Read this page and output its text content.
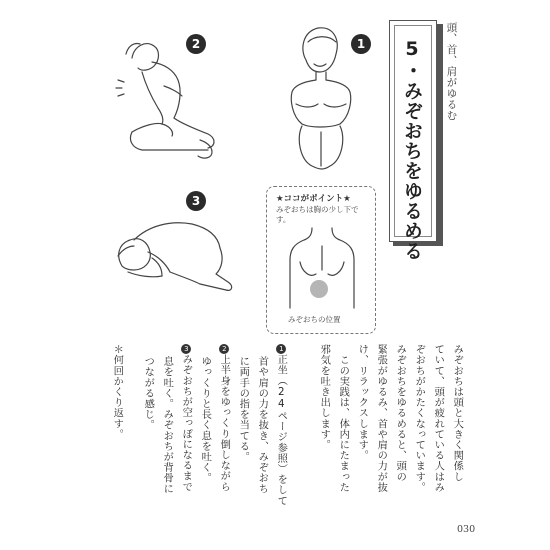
頭、首、肩がゆるむ
5・みぞおちをゆるめる
1
2
3	★ココがポイント★
みぞおちは胸の少し下です。
みぞおちの位置
みぞおちは頭と大きく関係し
ていて、頭が疲れている人はみ
ぞおちがかたくなっています。
みぞおちをゆるめると、頭の
緊張がゆるみ、首や肩の力が抜
け、リラックスします。
　この実践は、体内にたまった
邪気を吐き出します。
1正坐（24ページ参照）をして
首や肩の力を抜き、みぞおち
に両手の指を当てる。
2上半身をゆっくり倒しながら
ゆっくりと長く息を吐く。
3みぞおちが空っぽになるまで
息を吐く。みぞおちが背骨に
つながる感じ。
＊何回かくり返す。
030
